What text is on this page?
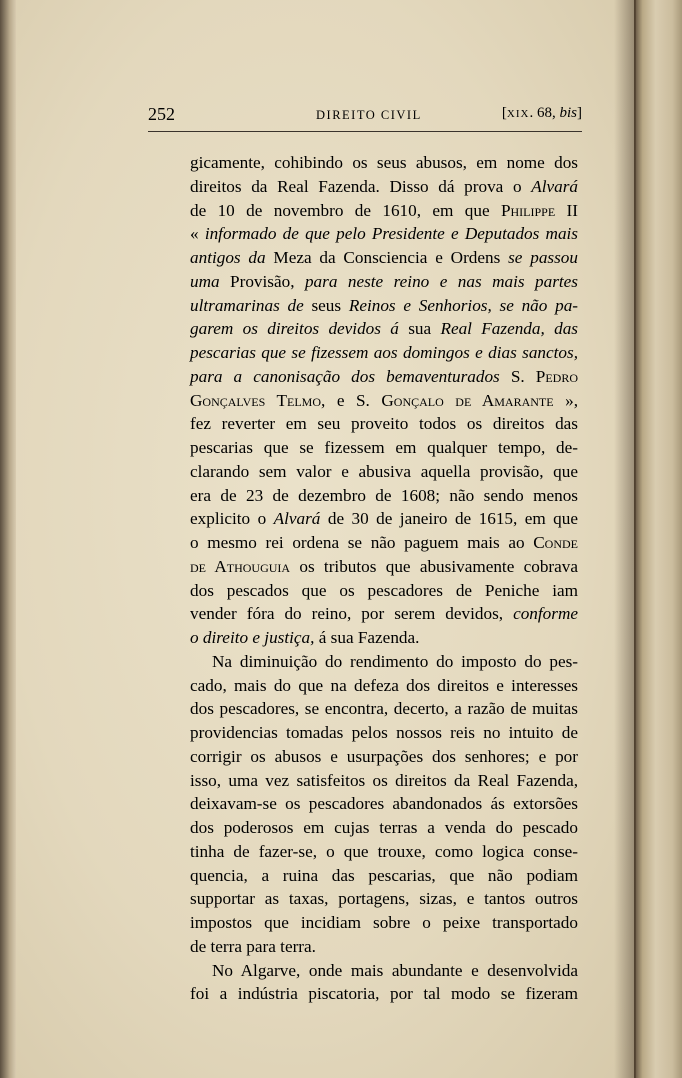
252	DIREITO CIVIL	[XIX. 68, bis]
gicamente, cohibindo os seus abusos, em nome dos
direitos da Real Fazenda. Disso dá prova o Alvará
de 10 de novembro de 1610, em que Philippe II
« informado de que pelo Presidente e Deputados mais
antigos da Meza da Consciencia e Ordens se passou
uma Provisão, para neste reino e nas mais partes
ultramarinas de seus Reinos e Senhorios, se não pa-
garem os direitos devidos á sua Real Fazenda, das
pescarias que se fizessem aos domingos e dias sanctos,
para a canonisação dos bemaventurados S. Pedro
Gonçalves Telmo, e S. Gonçalo de Amarante »,
fez reverter em seu proveito todos os direitos das
pescarias que se fizessem em qualquer tempo, de-
clarando sem valor e abusiva aquella provisão, que
era de 23 de dezembro de 1608; não sendo menos
explicito o Alvará de 30 de janeiro de 1615, em que
o mesmo rei ordena se não paguem mais ao Conde
de Athouguia os tributos que abusivamente cobrava
dos pescados que os pescadores de Peniche iam
vender fóra do reino, por serem devidos, conforme
o direito e justiça, á sua Fazenda.
Na diminuição do rendimento do imposto do pes-
cado, mais do que na defeza dos direitos e interesses
dos pescadores, se encontra, decerto, a razão de muitas
providencias tomadas pelos nossos reis no intuito de
corrigir os abusos e usurpações dos senhores; e por
isso, uma vez satisfeitos os direitos da Real Fazenda,
deixavam-se os pescadores abandonados ás extorsões
dos poderosos em cujas terras a venda do pescado
tinha de fazer-se, o que trouxe, como logica conse-
quencia, a ruina das pescarias, que não podiam
supportar as taxas, portagens, sizas, e tantos outros
impostos que incidiam sobre o peixe transportado
de terra para terra.
No Algarve, onde mais abundante e desenvolvida
foi a indústria piscatoria, por tal modo se fizeram
